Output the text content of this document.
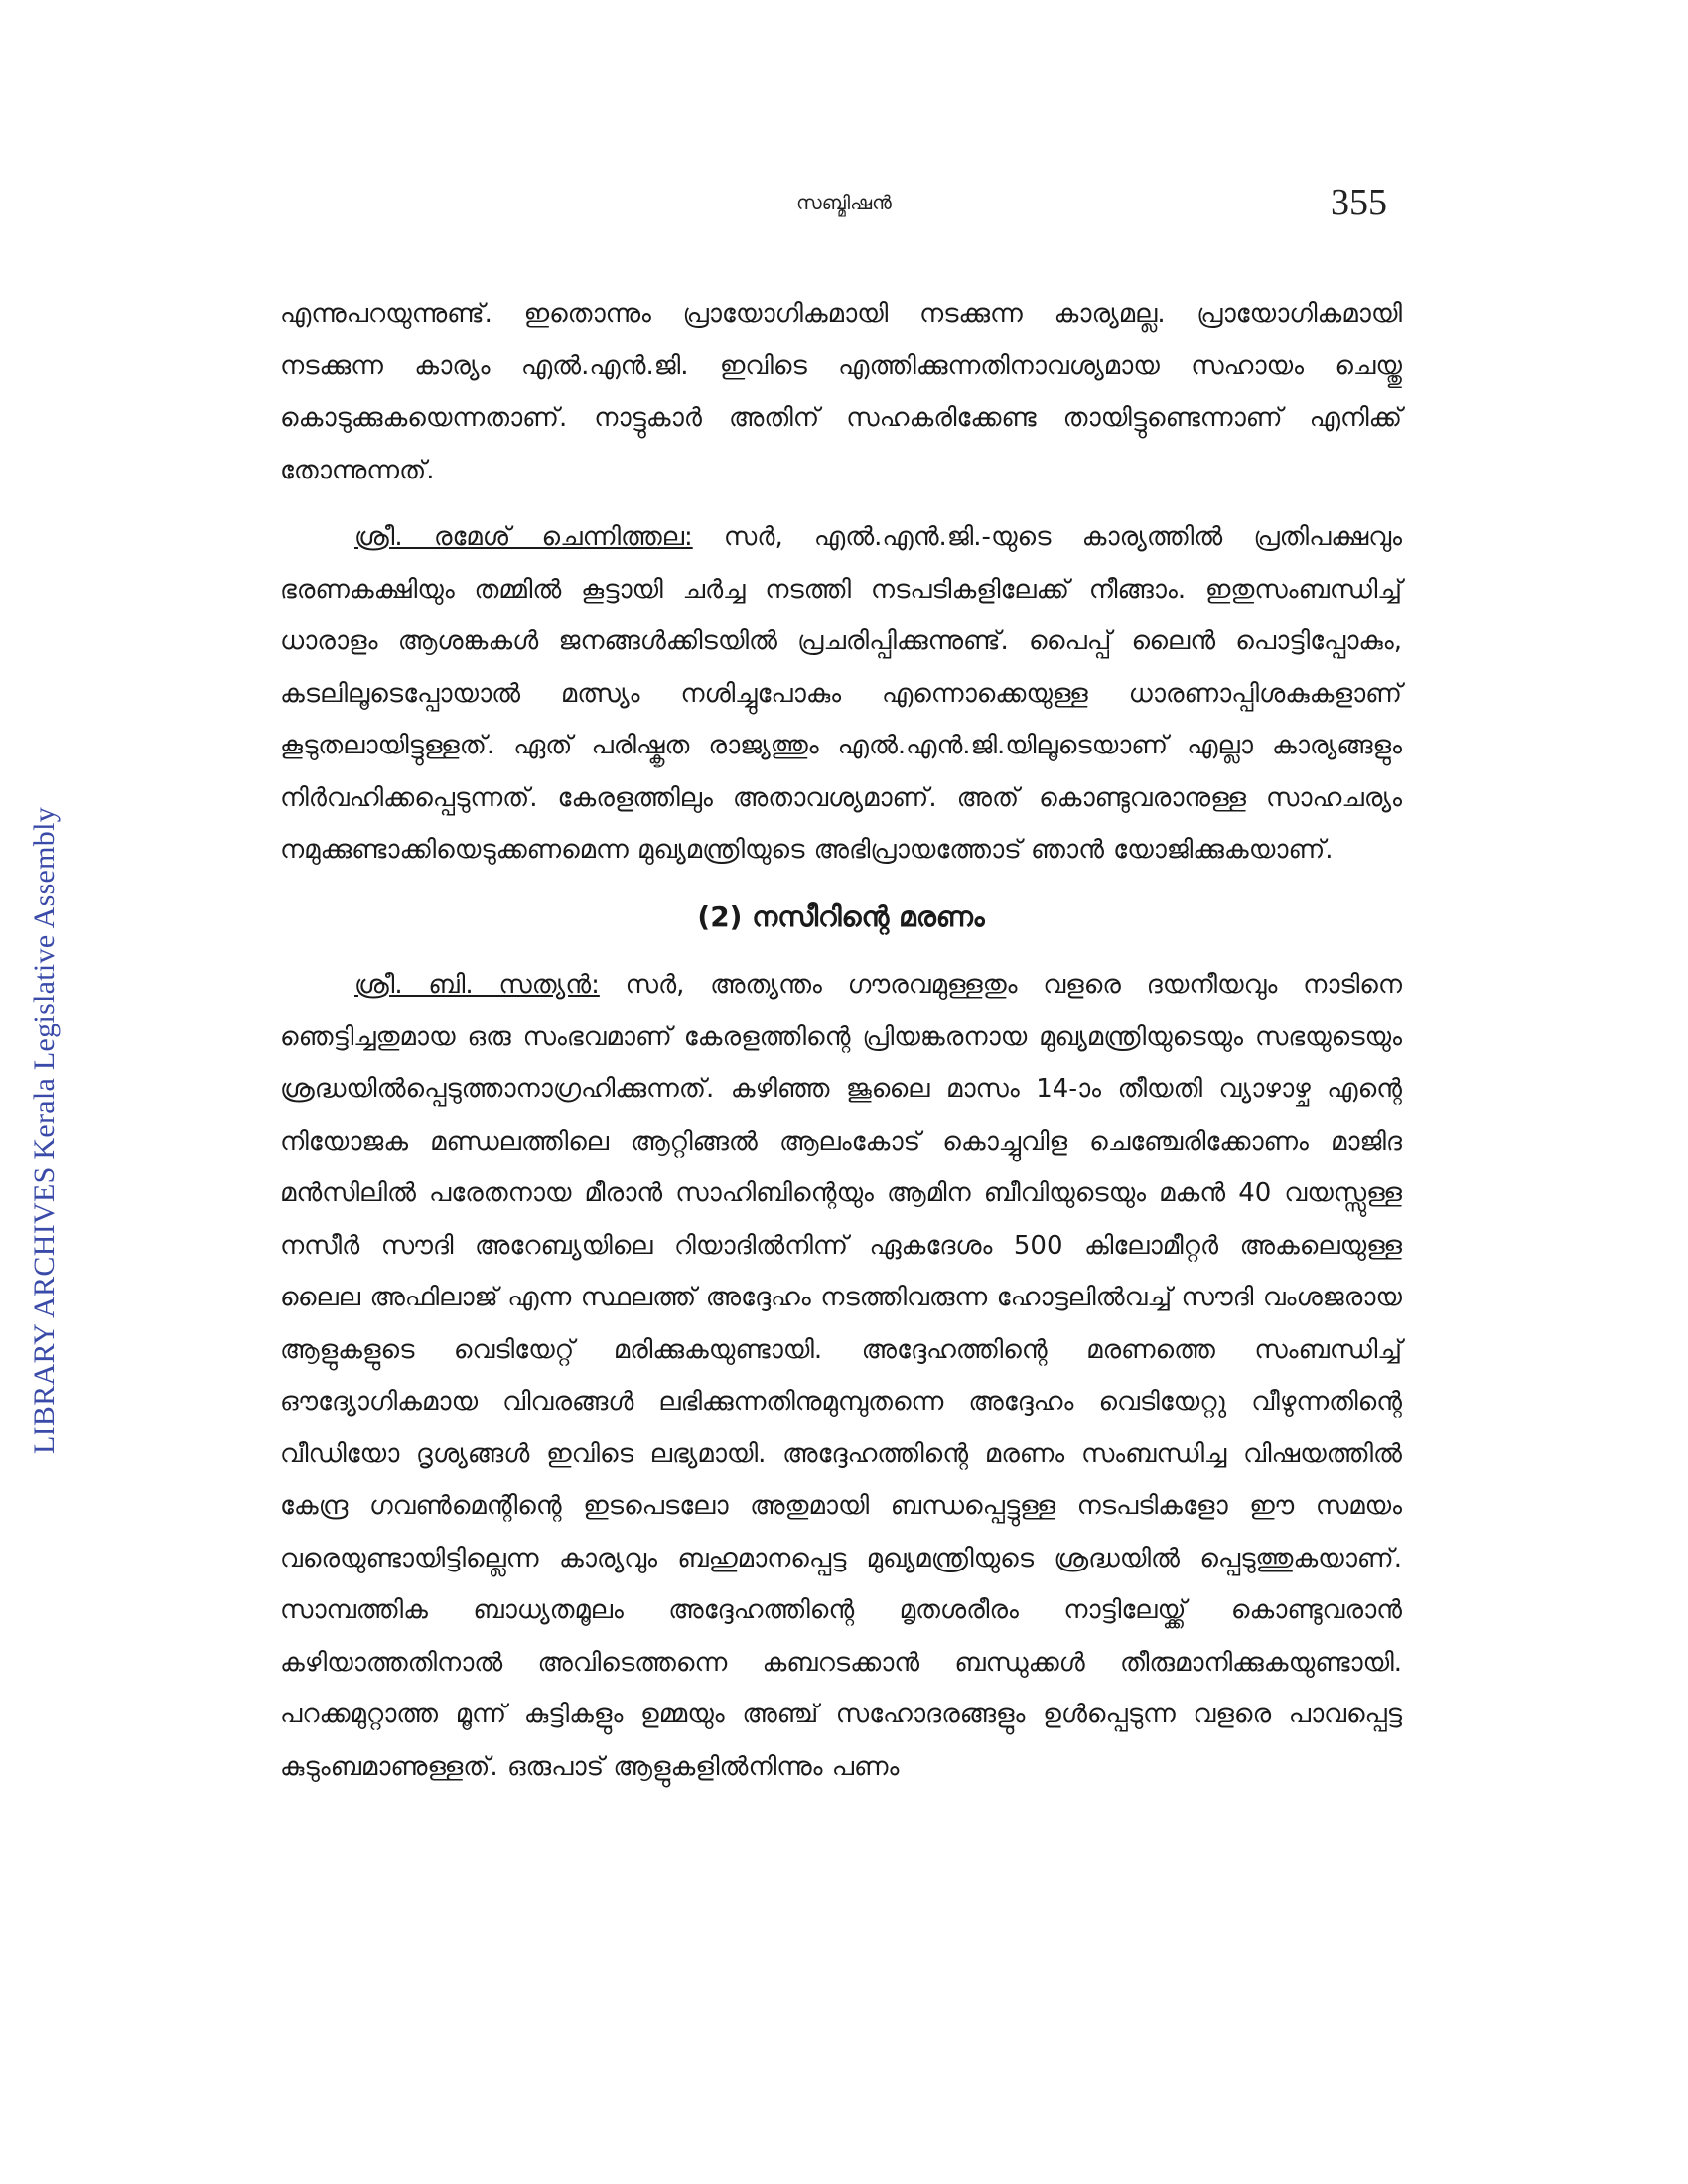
സബ്മിഷൻ	355
LIBRARY ARCHIVES Kerala Legislative Assembly

എന്നുപറയുന്നുണ്ട്. ഇതൊന്നും പ്രായോഗികമായി നടക്കുന്ന കാര്യമല്ല. പ്രായോഗികമായി നടക്കുന്ന കാര്യം എൽ.എൻ.ജി. ഇവിടെ എത്തിക്കുന്നതിനാവശ്യമായ സഹായം ചെയ്തു കൊടുക്കുകയെന്നതാണ്. നാട്ടുകാർ അതിന് സഹകരിക്കേണ്ട തായിട്ടുണ്ടെന്നാണ് എനിക്ക് തോന്നുന്നത്.

ശ്രീ. രമേശ് ചെന്നിത്തല: സർ, എൽ.എൻ.ജി.-യുടെ കാര്യത്തിൽ പ്രതിപക്ഷവും ഭരണകക്ഷിയും തമ്മിൽ കൂട്ടായി ചർച്ച നടത്തി നടപടികളിലേക്ക് നീങ്ങാം. ഇതുസംബന്ധിച്ച് ധാരാളം ആശങ്കകൾ ജനങ്ങൾക്കിടയിൽ പ്രചരിപ്പിക്കുന്നുണ്ട്. പൈപ്പ് ലൈൻ പൊട്ടിപ്പോകും, കടലിലൂടെപ്പോയാൽ മത്സ്യം നശിച്ചുപോകും എന്നൊക്കെയുള്ള ധാരണാപ്പിശകുകളാണ് കൂടുതലായിട്ടുള്ളത്. ഏത് പരിഷ്കൃത രാജ്യത്തും എൽ.എൻ.ജി.യിലൂടെയാണ് എല്ലാ കാര്യങ്ങളും നിർവഹിക്കപ്പെടുന്നത്. കേരളത്തിലും അതാവശ്യമാണ്. അത് കൊണ്ടുവരാനുള്ള സാഹചര്യം നമുക്കുണ്ടാക്കിയെടുക്കണമെന്ന മുഖ്യമന്ത്രിയുടെ അഭിപ്രായത്തോട് ഞാൻ യോജിക്കുകയാണ്.

(2) നസീറിന്റെ മരണം

ശ്രീ. ബി. സത്യൻ: സർ, അത്യന്തം ഗൗരവമുള്ളതും വളരെ ദയനീയവും നാടിനെ ഞെട്ടിച്ചതുമായ ഒരു സംഭവമാണ് കേരളത്തിന്റെ പ്രിയങ്കരനായ മുഖ്യമന്ത്രിയുടെയും സഭയുടെയും ശ്രദ്ധയിൽപ്പെടുത്താനാഗ്രഹിക്കുന്നത്. കഴിഞ്ഞ ജൂലൈ മാസം 14-ാം തീയതി വ്യാഴാഴ്ച എന്റെ നിയോജക മണ്ഡലത്തിലെ ആറ്റിങ്ങൽ ആലംകോട് കൊച്ചുവിള ചെഞ്ചേരിക്കോണം മാജിദ മൻസിലിൽ പരേതനായ മീരാൻ സാഹിബിന്റെയും ആമിന ബീവിയുടെയും മകൻ 40 വയസ്സുള്ള നസീർ സൗദി അറേബ്യയിലെ റിയാദിൽനിന്ന് ഏകദേശം 500 കിലോമീറ്റർ അകലെയുള്ള ലൈല അഫിലാജ് എന്ന സ്ഥലത്ത് അദ്ദേഹം നടത്തിവരുന്ന ഹോട്ടലിൽവച്ച് സൗദി വംശജരായ ആളുകളുടെ വെടിയേറ്റ് മരിക്കുകയുണ്ടായി. അദ്ദേഹത്തിന്റെ മരണത്തെ സംബന്ധിച്ച് ഔദ്യോഗികമായ വിവരങ്ങൾ ലഭിക്കുന്നതിനുമുമ്പുതന്നെ അദ്ദേഹം വെടിയേറ്റു വീഴുന്നതിന്റെ വീഡിയോ ദൃശ്യങ്ങൾ ഇവിടെ ലഭ്യമായി. അദ്ദേഹത്തിന്റെ മരണം സംബന്ധിച്ച വിഷയത്തിൽ കേന്ദ്ര ഗവൺമെന്റിന്റെ ഇടപെടലോ അതുമായി ബന്ധപ്പെട്ടുള്ള നടപടികളോ ഈ സമയം വരെയുണ്ടായിട്ടില്ലെന്ന കാര്യവും ബഹുമാനപ്പെട്ട മുഖ്യമന്ത്രിയുടെ ശ്രദ്ധയിൽ പ്പെടുത്തുകയാണ്. സാമ്പത്തിക ബാധ്യതമൂലം അദ്ദേഹത്തിന്റെ മൃതശരീരം നാട്ടിലേയ്ക്ക് കൊണ്ടുവരാൻ കഴിയാത്തതിനാൽ അവിടെത്തന്നെ കബറടക്കാൻ ബന്ധുക്കൾ തീരുമാനിക്കുകയുണ്ടായി. പറക്കമുറ്റാത്ത മൂന്ന് കുട്ടികളും ഉമ്മയും അഞ്ച് സഹോദരങ്ങളും ഉൾപ്പെടുന്ന വളരെ പാവപ്പെട്ട കുടുംബമാണുള്ളത്. ഒരുപാട് ആളുകളിൽനിന്നും പണം
